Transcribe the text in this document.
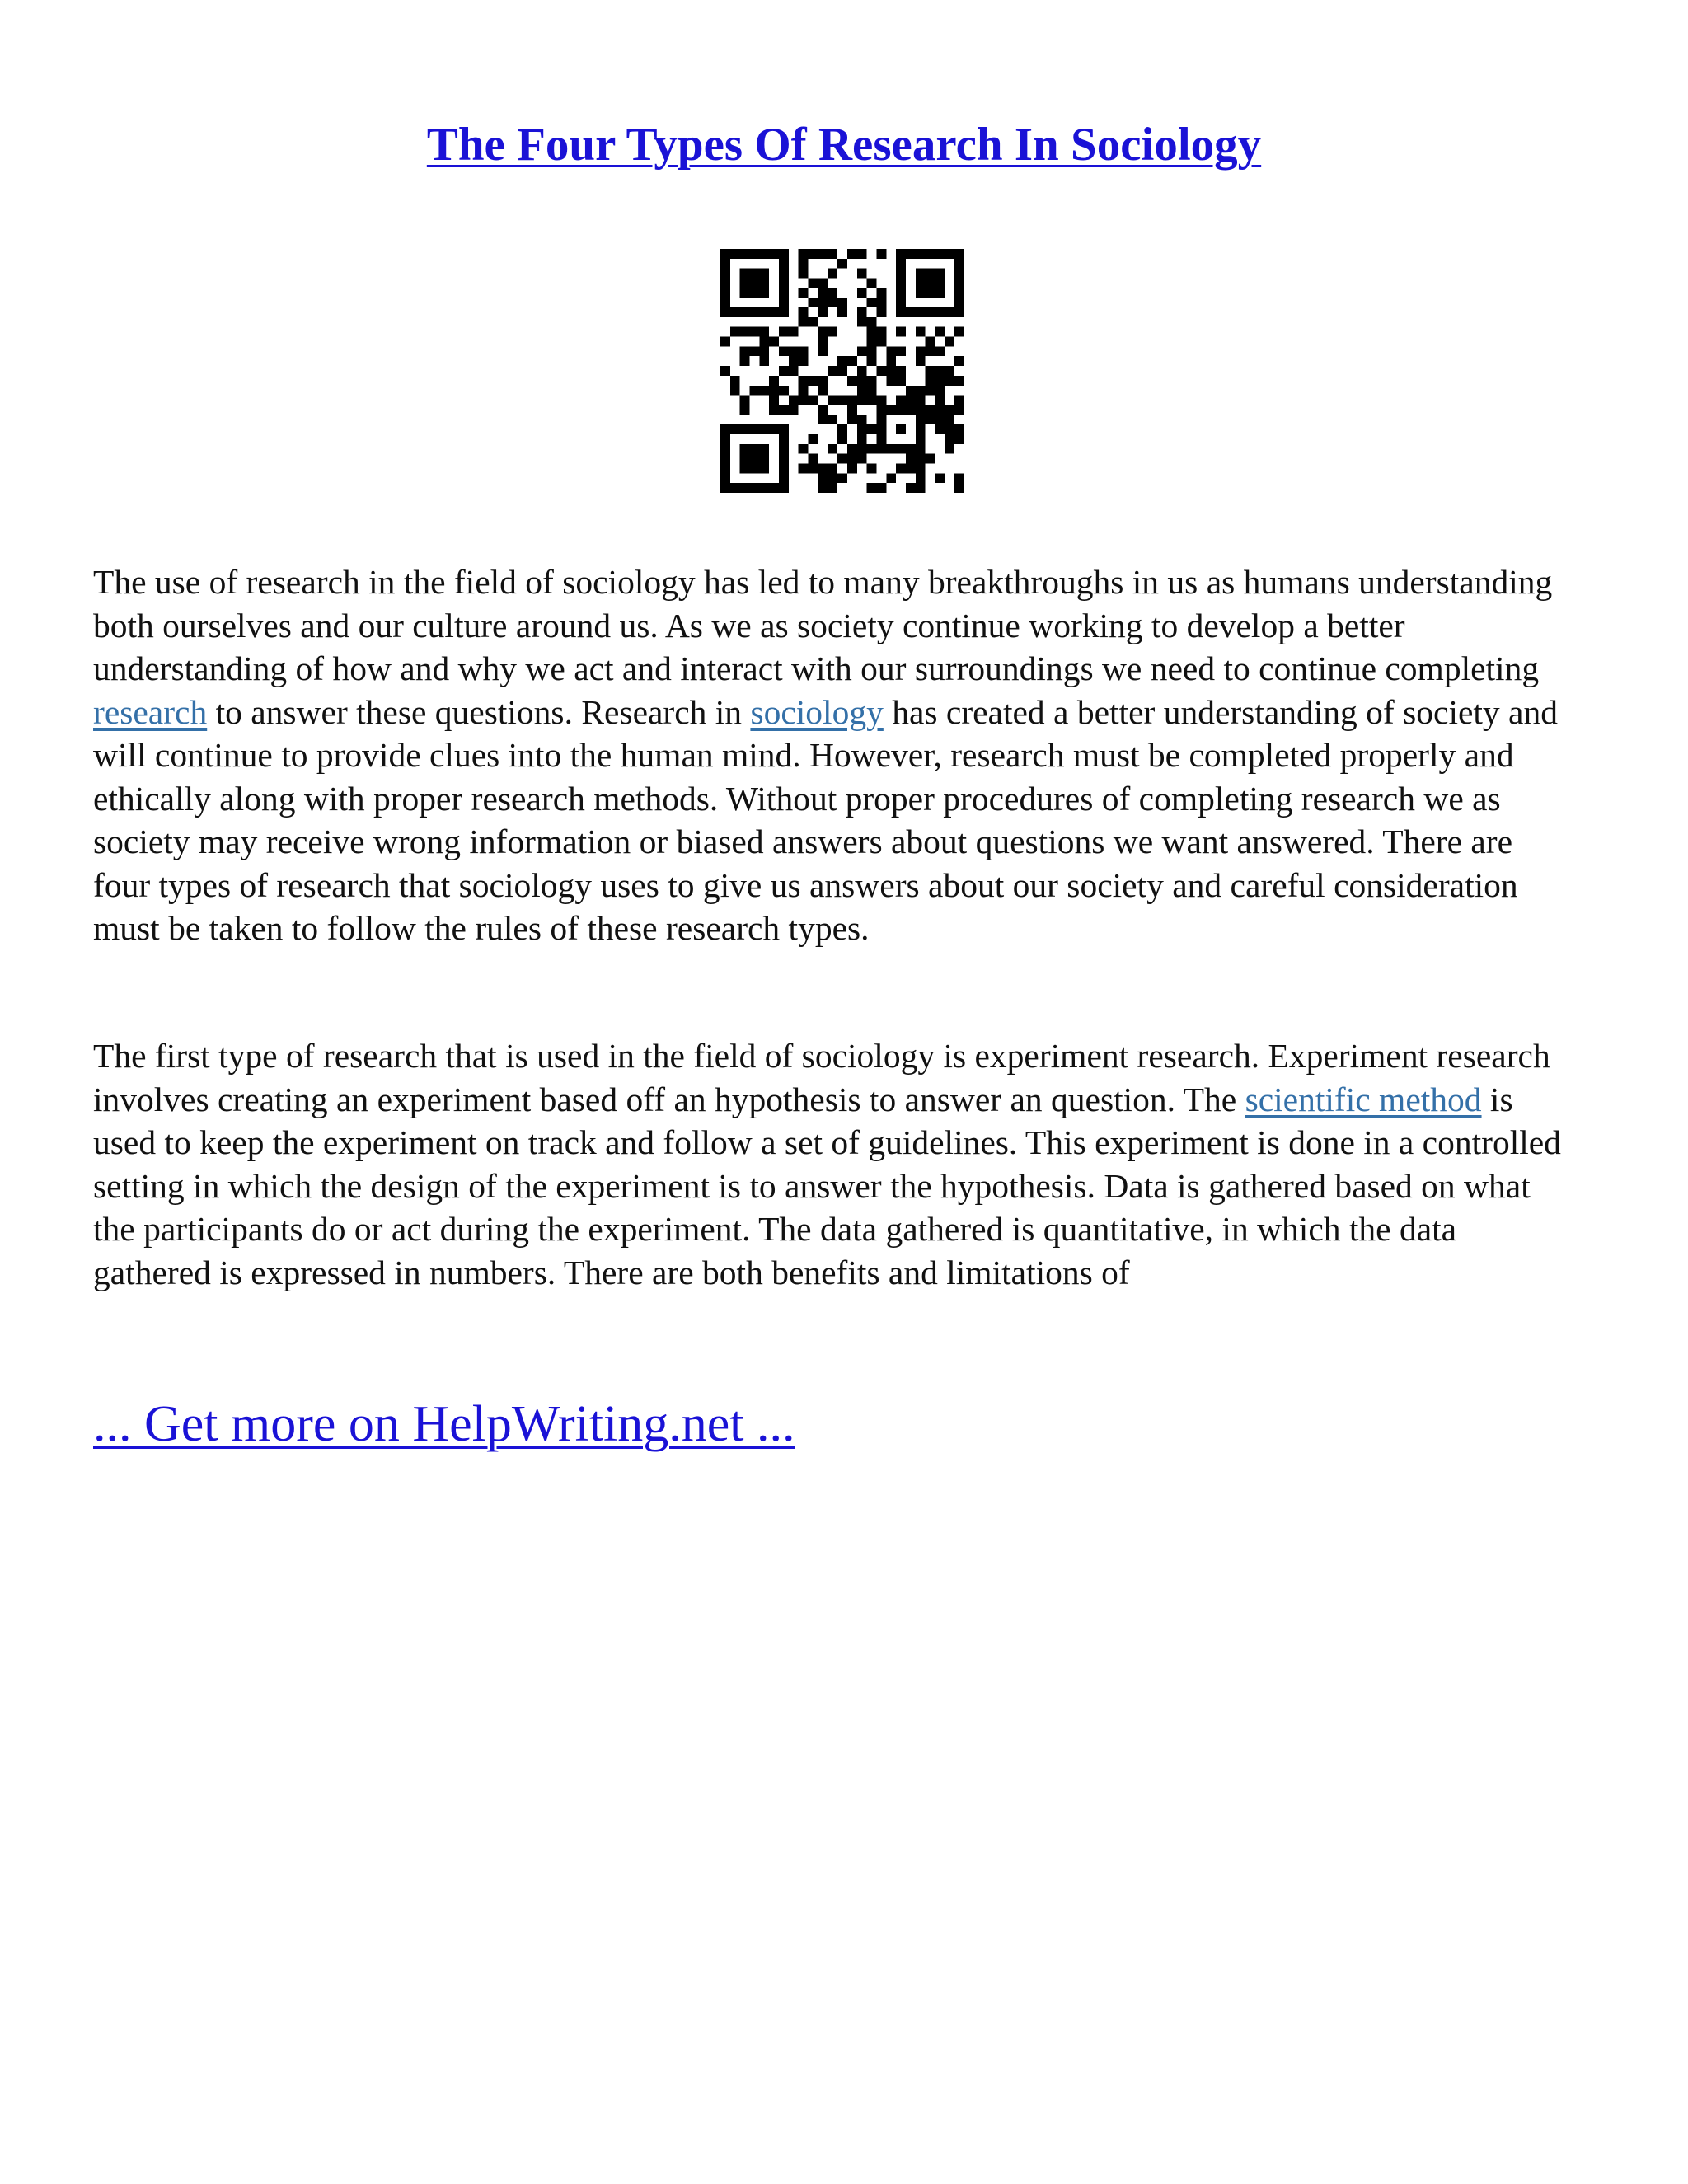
The Four Types Of Research In Sociology

The use of research in the field of sociology has led to many breakthroughs in us as humans understanding both ourselves and our culture around us. As we as society continue working to develop a better understanding of how and why we act and interact with our surroundings we need to continue completing research to answer these questions. Research in sociology has created a better understanding of society and will continue to provide clues into the human mind. However, research must be completed properly and ethically along with proper research methods. Without proper procedures of completing research we as society may receive wrong information or biased answers about questions we want answered. There are four types of research that sociology uses to give us answers about our society and careful consideration must be taken to follow the rules of these research types.

The first type of research that is used in the field of sociology is experiment research. Experiment research involves creating an experiment based off an hypothesis to answer an question. The scientific method is used to keep the experiment on track and follow a set of guidelines. This experiment is done in a controlled setting in which the design of the experiment is to answer the hypothesis. Data is gathered based on what the participants do or act during the experiment. The data gathered is quantitative, in which the data gathered is expressed in numbers. There are both benefits and limitations of

... Get more on HelpWriting.net ...
